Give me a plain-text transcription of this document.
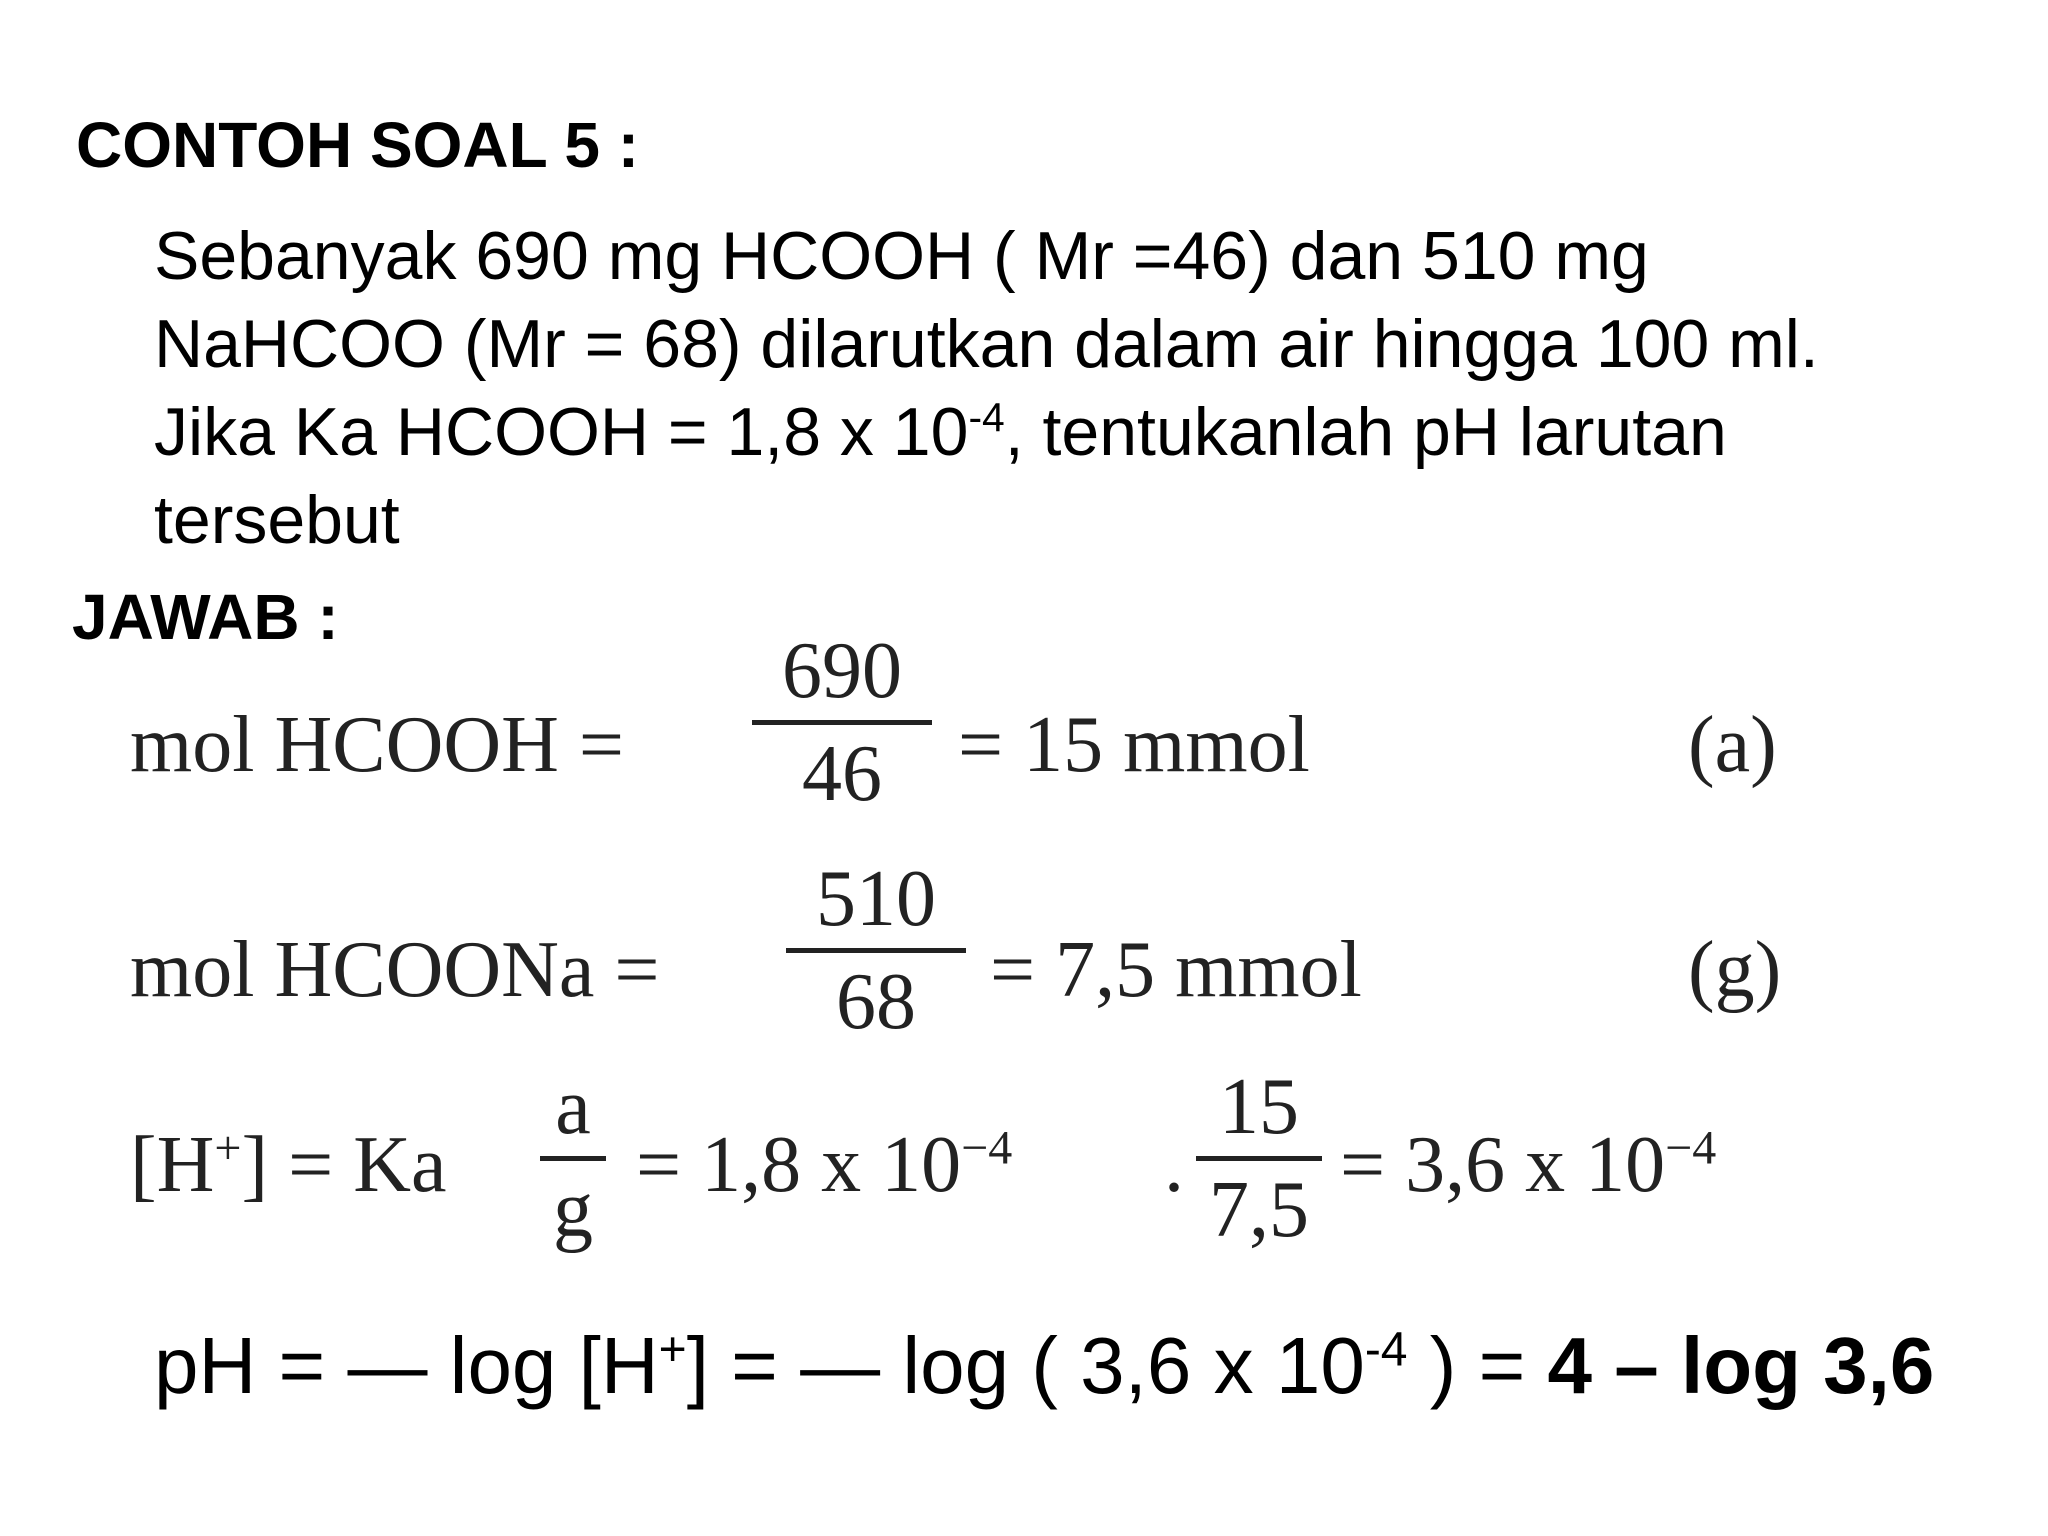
CONTOH SOAL 5 :
Sebanyak 690 mg HCOOH ( Mr =46) dan 510 mg
NaHCOO (Mr = 68) dilarutkan dalam air hingga 100 ml.
Jika Ka HCOOH = 1,8 x $10^{-4}$, tentukanlah pH larutan
tersebut
JAWAB :
mol HCOOH =
690
46 = 15 mmol	(a)
mol HCOONa =
510
68 = 7,5 mmol	(g)
[H+] = Ka
a
g
= 1,8 x $10^{-4}$ .
15
7,5
= 3,6 x $10^{-4}$
pH = — log [H+] = — log ( 3,6 x $10^{-4}$ ) = 4 – log 3,6
